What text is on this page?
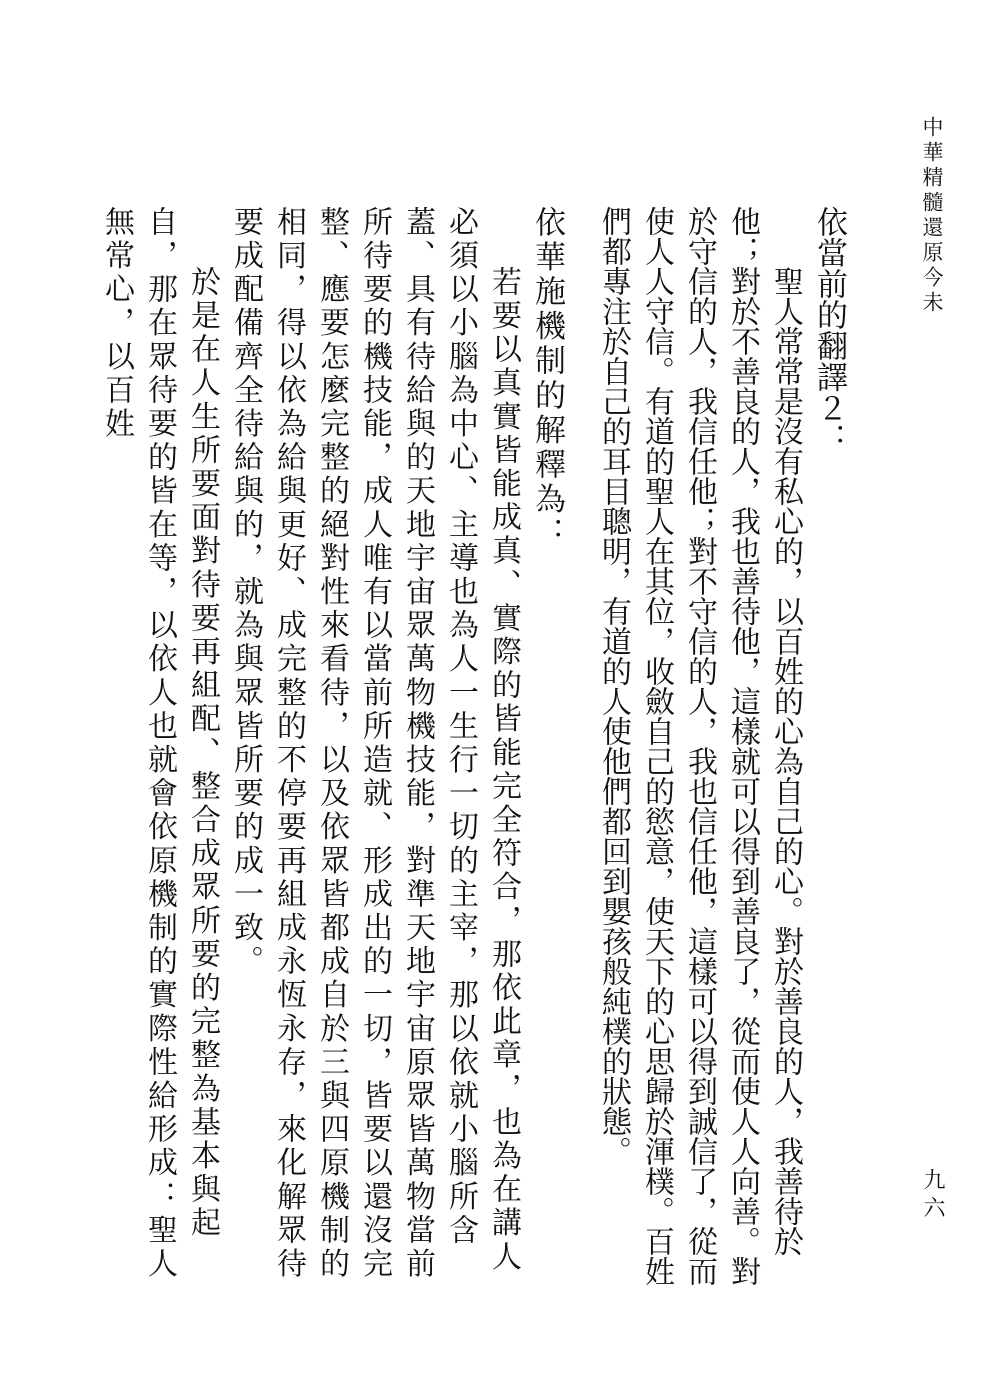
中華精髓還原今未
九六

依當前的翻譯２：

聖人常常是沒有私心的，以百姓的心為自己的心。對於善良的人，我善待於他；對於不善良的人，我也善待他，這樣就可以得到善良了，從而使人人向善。對於守信的人，我信任他；對不守信的人，我也信任他，這樣可以得到誠信了，從而使人人守信。有道的聖人在其位，收斂自己的慾意，使天下的心思歸於渾樸。百姓們都專注於自己的耳目聰明，有道的人使他們都回到嬰孩般純樸的狀態。

依華施機制的解釋為：

若要以真實皆能成真、實際的皆能完全符合，那依此章，也為在講人必須以小腦為中心、主導也為人一生行一切的主宰，那以依就小腦所含蓋、具有待給與的天地宇宙眾萬物機技能，對準天地宇宙原眾皆萬物當前所待要的機技能，成人唯有以當前所造就、形成出的一切，皆要以還沒完整、應要怎麼完整的絕對性來看待，以及依眾皆都成自於三與四原機制的相同，得以依為給與更好、成完整的不停要再組成永恆永存，來化解眾待要成配備齊全待給與的，就為與眾皆所要的成一致。

於是在人生所要面對待要再組配、整合成眾所要的完整為基本與起自，那在眾待要的皆在等，以依人也就會依原機制的實際性給形成：聖人無常心，以百姓
